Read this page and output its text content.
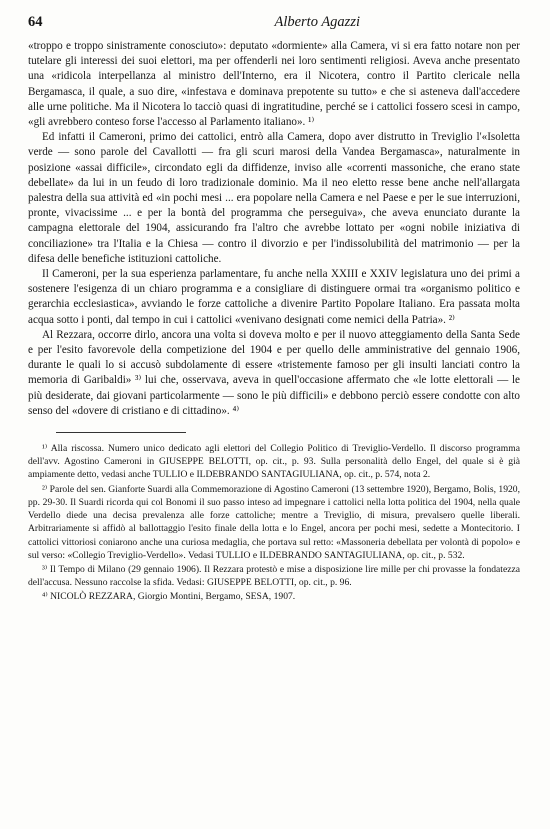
64	Alberto Agazzi

«troppo e troppo sinistramente conosciuto»: deputato «dormiente» alla Camera, vi si era fatto notare non per tutelare gli interessi dei suoi elettori, ma per offenderli nei loro sentimenti religiosi. Aveva anche presentato una «ridicola interpellanza al ministro dell'Interno, era il Nicotera, contro il Partito clericale nella Bergamasca, il quale, a suo dire, «infestava e dominava prepotente su tutto» e che si asteneva dall'accedere alle urne politiche. Ma il Nicotera lo tacciò quasi di ingratitudine, perché se i cattolici fossero scesi in campo, «gli avrebbero conteso forse l'accesso al Parlamento italiano». ¹⁾

Ed infatti il Cameroni, primo dei cattolici, entrò alla Camera, dopo aver distrutto in Treviglio l'«Isoletta verde — sono parole del Cavallotti — fra gli scuri marosi della Vandea Bergamasca», naturalmente in posizione «assai difficile», circondato egli da diffidenze, inviso alle «correnti massoniche, che erano state debellate» da lui in un feudo di loro tradizionale dominio. Ma il neo eletto resse bene anche nell'allargata palestra della sua attività ed «in pochi mesi ... era popolare nella Camera e nel Paese e per le sue interruzioni, pronte, vivacissime ... e per la bontà del programma che perseguiva», che aveva enunciato durante la campagna elettorale del 1904, assicurando fra l'altro che avrebbe lottato per «ogni nobile iniziativa di conciliazione» tra l'Italia e la Chiesa — contro il divorzio e per l'indissolubilità del matrimonio — per la difesa delle benefiche istituzioni cattoliche.

Il Cameroni, per la sua esperienza parlamentare, fu anche nella XXIII e XXIV legislatura uno dei primi a sostenere l'esigenza di un chiaro programma e a consigliare di distinguere ormai tra «organismo politico e gerarchia ecclesiastica», avviando le forze cattoliche a divenire Partito Popolare Italiano. Era passata molta acqua sotto i ponti, dal tempo in cui i cattolici «venivano designati come nemici della Patria». ²⁾

Al Rezzara, occorre dirlo, ancora una volta si doveva molto e per il nuovo atteggiamento della Santa Sede e per l'esito favorevole della competizione del 1904 e per quello delle amministrative del gennaio 1906, durante le quali lo si accusò subdolamente di essere «tristemente famoso per gli insulti lanciati contro la memoria di Garibaldi» ³⁾ lui che, osservava, aveva in quell'occasione affermato che «le lotte elettorali — le più desiderate, dai giovani particolarmente — sono le più difficili» e debbono perciò essere condotte con alto senso del «dovere di cristiano e di cittadino». ⁴⁾

¹⁾ Alla riscossa. Numero unico dedicato agli elettori del Collegio Politico di Treviglio-Verdello. Il discorso programma dell'avv. Agostino Cameroni in GIUSEPPE BELOTTI, op. cit., p. 93. Sulla personalità dello Engel, del quale si è già ampiamente detto, vedasi anche TULLIO e ILDEBRANDO SANTAGIULIANA, op. cit., p. 574, nota 2.

²⁾ Parole del sen. Gianforte Suardi alla Commemorazione di Agostino Cameroni (13 settembre 1920), Bergamo, Bolis, 1920, pp. 29-30. Il Suardi ricorda qui col Bonomi il suo passo inteso ad impegnare i cattolici nella lotta politica del 1904, nella quale Verdello diede una decisa prevalenza alle forze cattoliche; mentre a Treviglio, di misura, prevalsero quelle liberali. Arbitrariamente si affidò al ballottaggio l'esito finale della lotta e lo Engel, ancora per pochi mesi, sedette a Montecitorio. I cattolici vittoriosi coniarono anche una curiosa medaglia, che portava sul retto: «Massoneria debellata per volontà di popolo» e sul verso: «Collegio Treviglio-Verdello». Vedasi TULLIO e ILDEBRANDO SANTAGIULIANA, op. cit., p. 532.

³⁾ Il Tempo di Milano (29 gennaio 1906). Il Rezzara protestò e mise a disposizione lire mille per chi provasse la fondatezza dell'accusa. Nessuno raccolse la sfida. Vedasi: GIUSEPPE BELOTTI, op. cit., p. 96.

⁴⁾ NICOLÒ REZZARA, Giorgio Montini, Bergamo, SESA, 1907.
